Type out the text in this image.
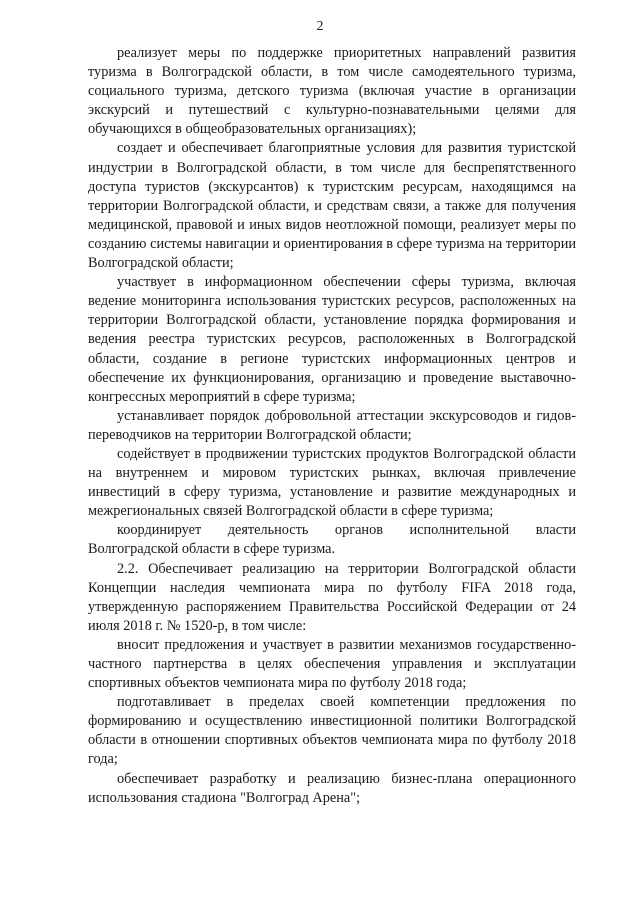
2

реализует меры по поддержке приоритетных направлений развития туризма в Волгоградской области, в том числе самодеятельного туризма, социального туризма, детского туризма (включая участие в организации экскурсий и путешествий с культурно-познавательными целями для обучающихся в общеобразовательных организациях);

создает и обеспечивает благоприятные условия для развития туристской индустрии в Волгоградской области, в том числе для беспрепятственного доступа туристов (экскурсантов) к туристским ресурсам, находящимся на территории Волгоградской области, и средствам связи, а также для получения медицинской, правовой и иных видов неотложной помощи, реализует меры по созданию системы навигации и ориентирования в сфере туризма на территории Волгоградской области;

участвует в информационном обеспечении сферы туризма, включая ведение мониторинга использования туристских ресурсов, расположенных на территории Волгоградской области, установление порядка формирования и ведения реестра туристских ресурсов, расположенных в Волгоградской области, создание в регионе туристских информационных центров и обеспечение их функционирования, организацию и проведение выставочно-конгрессных мероприятий в сфере туризма;

устанавливает порядок добровольной аттестации экскурсоводов и гидов-переводчиков на территории Волгоградской области;

содействует в продвижении туристских продуктов Волгоградской области на внутреннем и мировом туристских рынках, включая привлечение инвестиций в сферу туризма, установление и развитие международных и межрегиональных связей Волгоградской области в сфере туризма;

координирует деятельность органов исполнительной власти Волгоградской области в сфере туризма.

2.2. Обеспечивает реализацию на территории Волгоградской области Концепции наследия чемпионата мира по футболу FIFA 2018 года, утвержденную распоряжением Правительства Российской Федерации от 24 июля 2018 г. № 1520-р, в том числе:

вносит предложения и участвует в развитии механизмов государственно-частного партнерства в целях обеспечения управления и эксплуатации спортивных объектов чемпионата мира по футболу 2018 года;

подготавливает в пределах своей компетенции предложения по формированию и осуществлению инвестиционной политики Волгоградской области в отношении спортивных объектов чемпионата мира по футболу 2018 года;

обеспечивает разработку и реализацию бизнес-плана операционного использования стадиона "Волгоград Арена";
